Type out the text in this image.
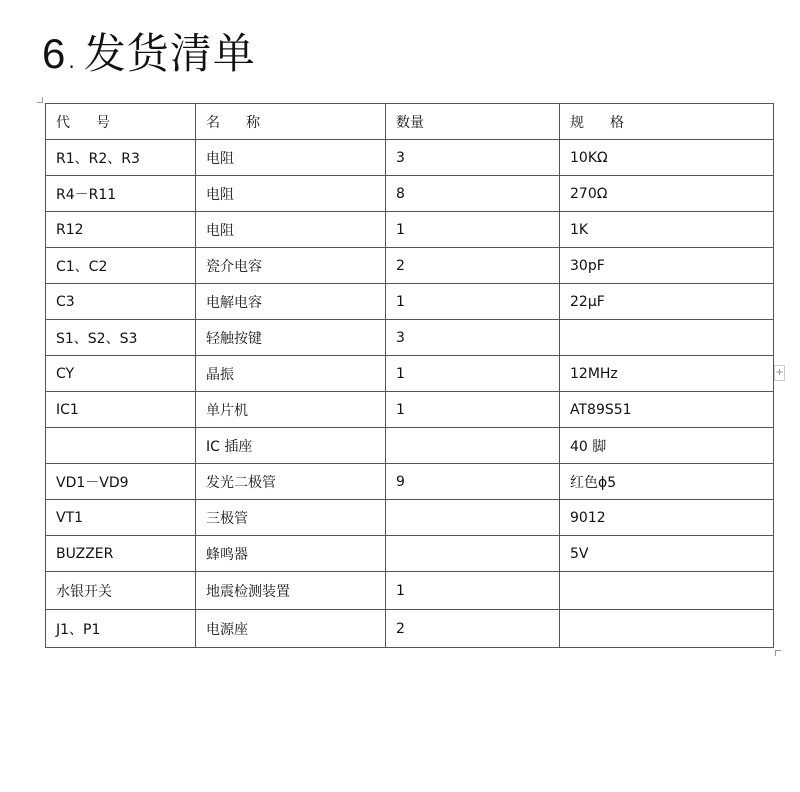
6 . 发货清单
+
代　号	名　称	数量	规　格
R1、R2、R3	电阻	3	10KΩ
R4－R11	电阻	8	270Ω
R12	电阻	1	1K
C1、C2	瓷介电容	2	30pF
C3	电解电容	1	22μF
S1、S2、S3	轻触按键	3	
CY	晶振	1	12MHz
IC1	单片机	1	AT89S51
	IC 插座		40 脚
VD1－VD9	发光二极管	9	红色ϕ5
VT1	三极管		9012
BUZZER	蜂鸣器		5V
水银开关	地震检测装置	1	
J1、P1	电源座	2	
